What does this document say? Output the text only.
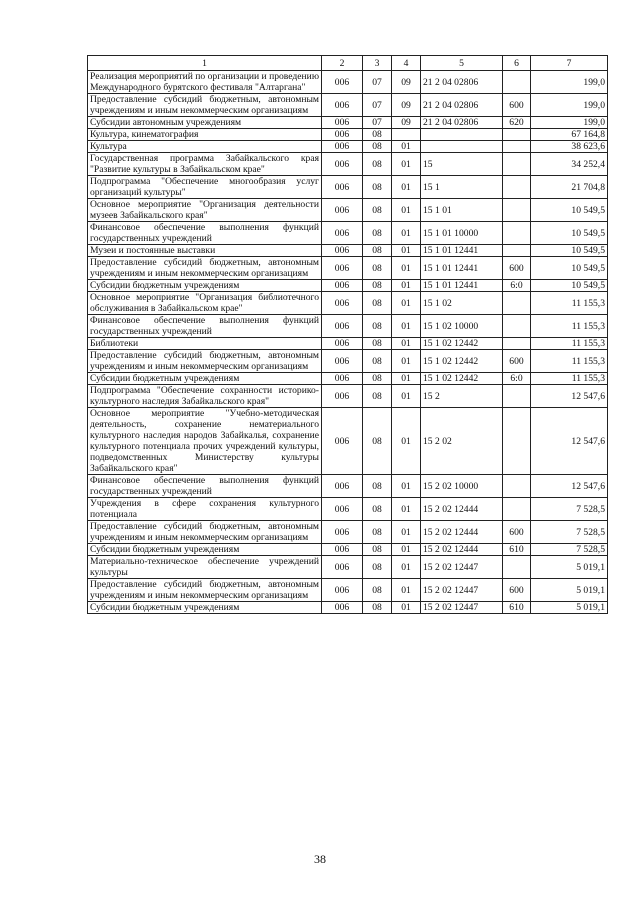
1	2	3	4	5	6	7
Реализация мероприятий по организации и проведению Международного бурятского фестиваля "Алтаргана"	006	07	09	21 2 04 02806		199,0
Предоставление субсидий бюджетным, автономным учреждениям и иным некоммерческим организациям	006	07	09	21 2 04 02806	600	199,0
Субсидии автономным учреждениям	006	07	09	21 2 04 02806	620	199,0
Культура, кинематография	006	08				67 164,8
Культура	006	08	01			38 623,6
Государственная программа Забайкальского края "Развитие культуры в Забайкальском крае"	006	08	01	15		34 252,4
Подпрограмма "Обеспечение многообразия услуг организаций культуры"	006	08	01	15 1		21 704,8
Основное мероприятие "Организация деятельности музеев Забайкальского края"	006	08	01	15 1 01		10 549,5
Финансовое обеспечение выполнения функций государственных учреждений	006	08	01	15 1 01 10000		10 549,5
Музеи и постоянные выставки	006	08	01	15 1 01 12441		10 549,5
Предоставление субсидий бюджетным, автономным учреждениям и иным некоммерческим организациям	006	08	01	15 1 01 12441	600	10 549,5
Субсидии бюджетным учреждениям	006	08	01	15 1 01 12441	6:0	10 549,5
Основное мероприятие "Организация библиотечного обслуживания в Забайкальском крае"	006	08	01	15 1 02		11 155,3
Финансовое обеспечение выполнения функций государственных учреждений	006	08	01	15 1 02 10000		11 155,3
Библиотеки	006	08	01	15 1 02 12442		11 155,3
Предоставление субсидий бюджетным, автономным учреждениям и иным некоммерческим организациям	006	08	01	15 1 02 12442	600	11 155,3
Субсидии бюджетным учреждениям	006	08	01	15 1 02 12442	6:0	11 155,3
Подпрограмма "Обеспечение сохранности историко-культурного наследия Забайкальского края"	006	08	01	15 2		12 547,6
Основное мероприятие "Учебно-методическая деятельность, сохранение нематериального культурного наследия народов Забайкалья, сохранение культурного потенциала прочих учреждений культуры, подведомственных Министерству культуры Забайкальского края"	006	08	01	15 2 02		12 547,6
Финансовое обеспечение выполнения функций государственных учреждений	006	08	01	15 2 02 10000		12 547,6
Учреждения в сфере сохранения культурного потенциала	006	08	01	15 2 02 12444		7 528,5
Предоставление субсидий бюджетным, автономным учреждениям и иным некоммерческим организациям	006	08	01	15 2 02 12444	600	7 528,5
Субсидии бюджетным учреждениям	006	08	01	15 2 02 12444	610	7 528,5
Материально-техническое обеспечение учреждений культуры	006	08	01	15 2 02 12447		5 019,1
Предоставление субсидий бюджетным, автономным учреждениям и иным некоммерческим организациям	006	08	01	15 2 02 12447	600	5 019,1
Субсидии бюджетным учреждениям	006	08	01	15 2 02 12447	610	5 019,1
38
